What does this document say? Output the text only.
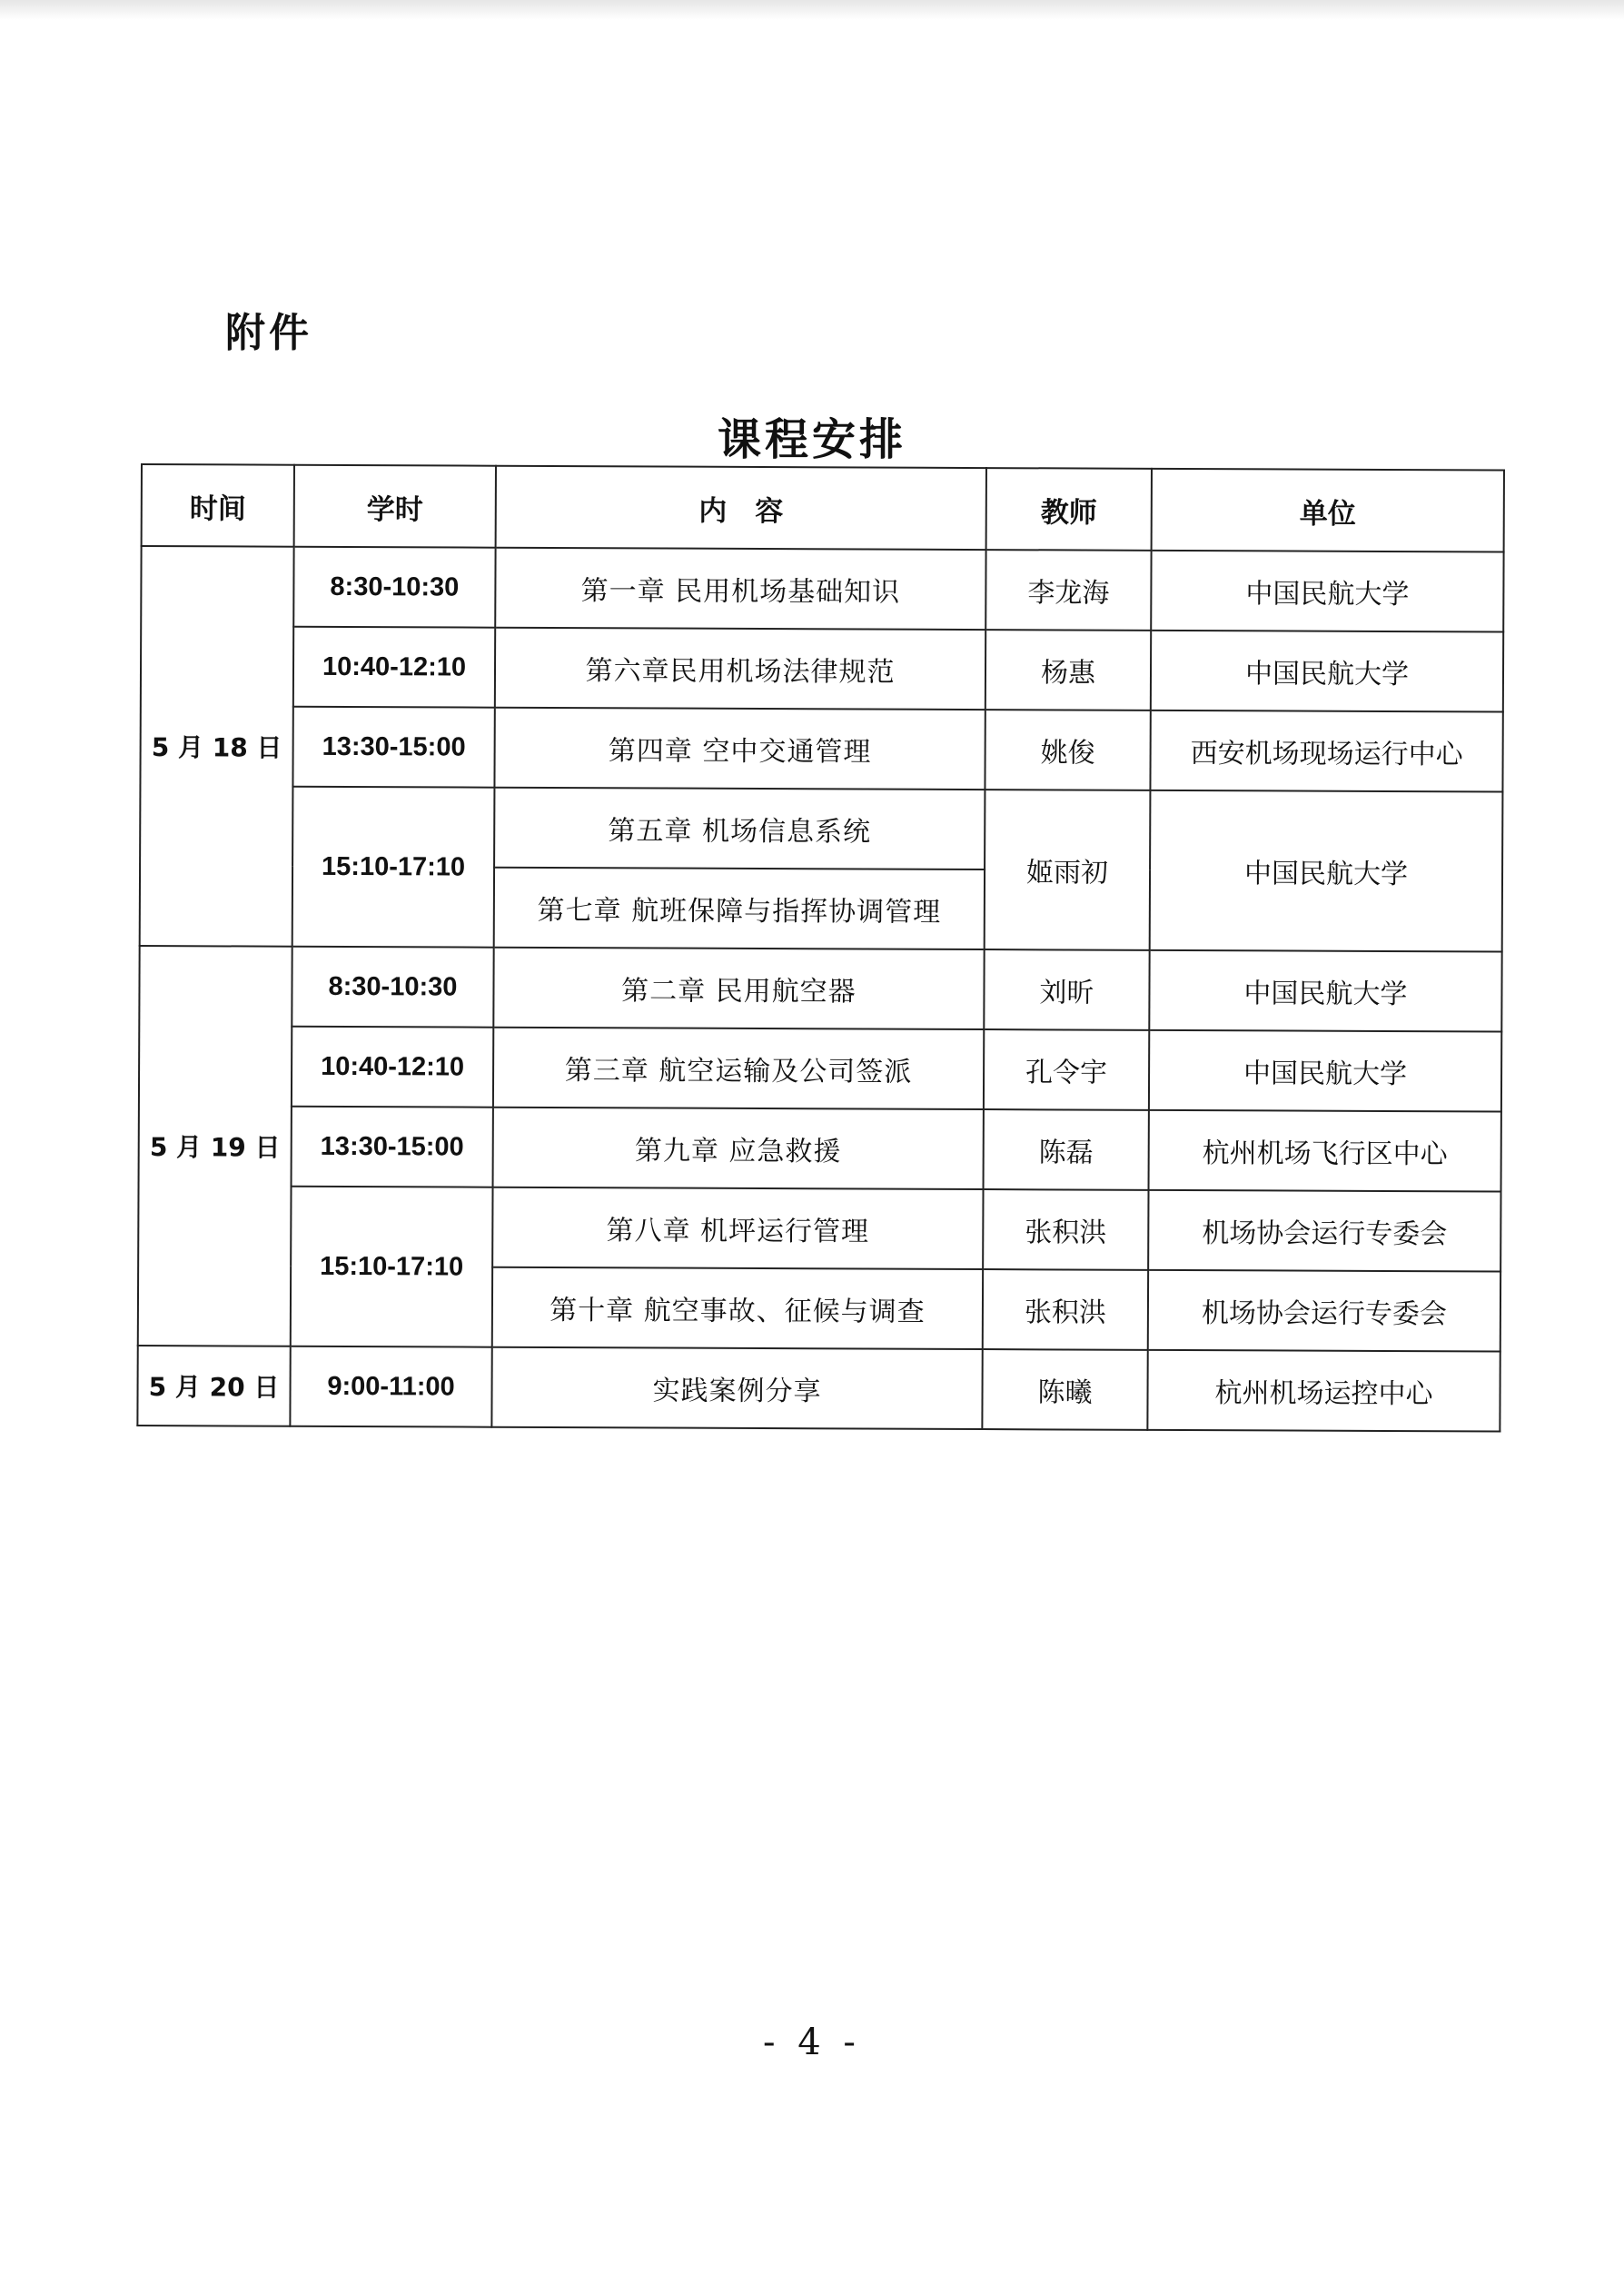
附件
课程安排
时间	学时	内　容	教师	单位
5 月 18 日	8:30-10:30	第一章 民用机场基础知识	李龙海	中国民航大学
	10:40-12:10	第六章民用机场法律规范	杨惠	中国民航大学
	13:30-15:00	第四章 空中交通管理	姚俊	西安机场现场运行中心
	15:10-17:10	第五章 机场信息系统	姬雨初	中国民航大学
		第七章 航班保障与指挥协调管理		
5 月 19 日	8:30-10:30	第二章 民用航空器	刘昕	中国民航大学
	10:40-12:10	第三章 航空运输及公司签派	孔令宇	中国民航大学
	13:30-15:00	第九章 应急救援	陈磊	杭州机场飞行区中心
	15:10-17:10	第八章 机坪运行管理	张积洪	机场协会运行专委会
		第十章 航空事故、征候与调查	张积洪	机场协会运行专委会
5 月 20 日	9:00-11:00	实践案例分享	陈曦	杭州机场运控中心
- 4 -
